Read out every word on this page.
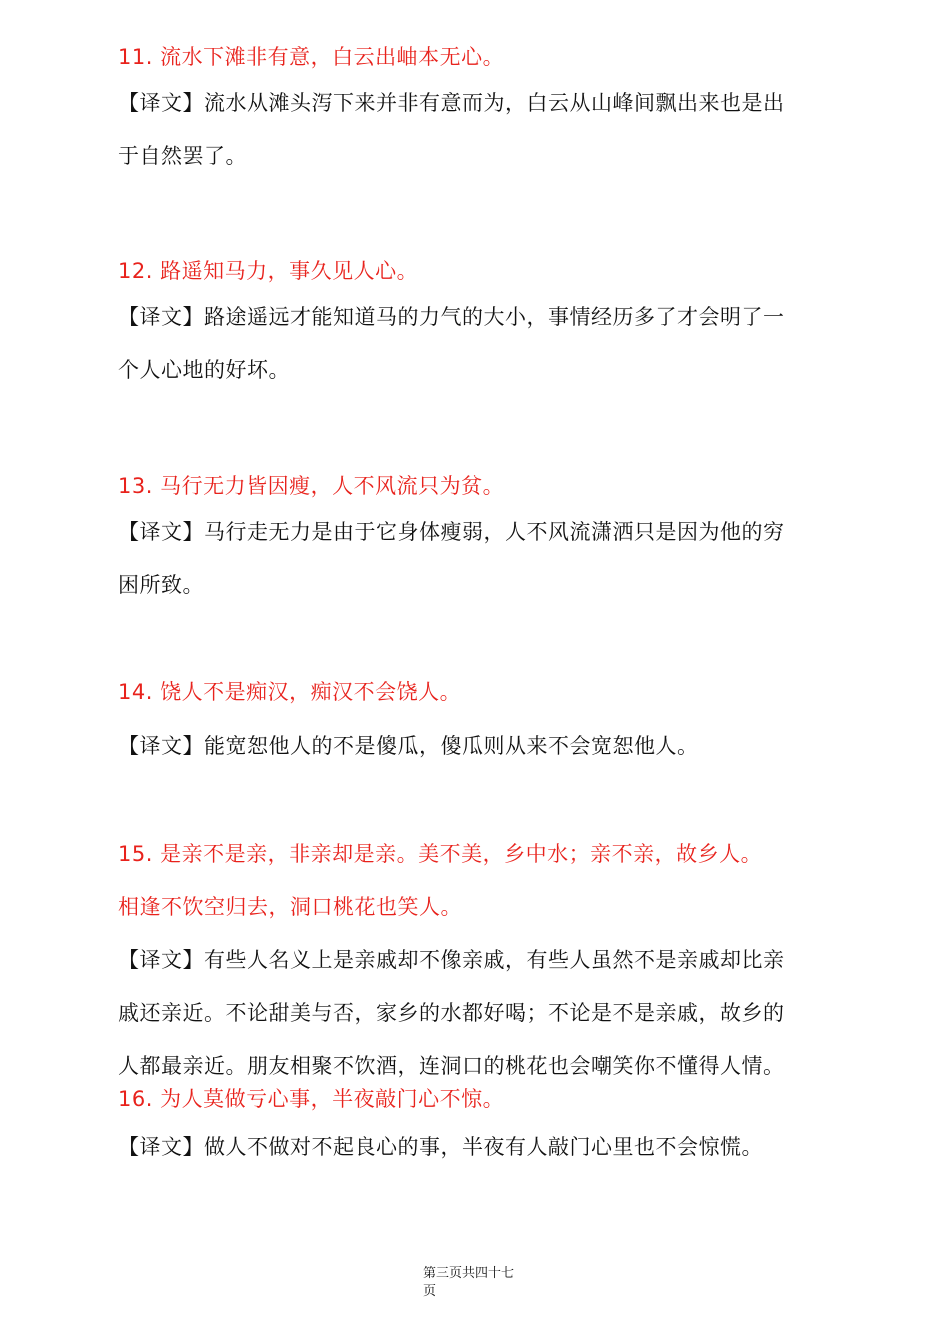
11. 流水下滩非有意，白云出岫本无心。

【译文】流水从滩头泻下来并非有意而为，白云从山峰间飘出来也是出

于自然罢了。

12. 路遥知马力，事久见人心。

【译文】路途遥远才能知道马的力气的大小，事情经历多了才会明了一

个人心地的好坏。

13. 马行无力皆因瘦，人不风流只为贫。

【译文】马行走无力是由于它身体瘦弱，人不风流潇洒只是因为他的穷

困所致。

14. 饶人不是痴汉，痴汉不会饶人。

【译文】能宽恕他人的不是傻瓜，傻瓜则从来不会宽恕他人。

15. 是亲不是亲，非亲却是亲。美不美，乡中水；亲不亲，故乡人。

相逢不饮空归去，洞口桃花也笑人。

【译文】有些人名义上是亲戚却不像亲戚，有些人虽然不是亲戚却比亲

戚还亲近。不论甜美与否，家乡的水都好喝；不论是不是亲戚，故乡的

人都最亲近。朋友相聚不饮酒，连洞口的桃花也会嘲笑你不懂得人情。

16. 为人莫做亏心事，半夜敲门心不惊。

【译文】做人不做对不起良心的事，半夜有人敲门心里也不会惊慌。

第三页共四十七
页
